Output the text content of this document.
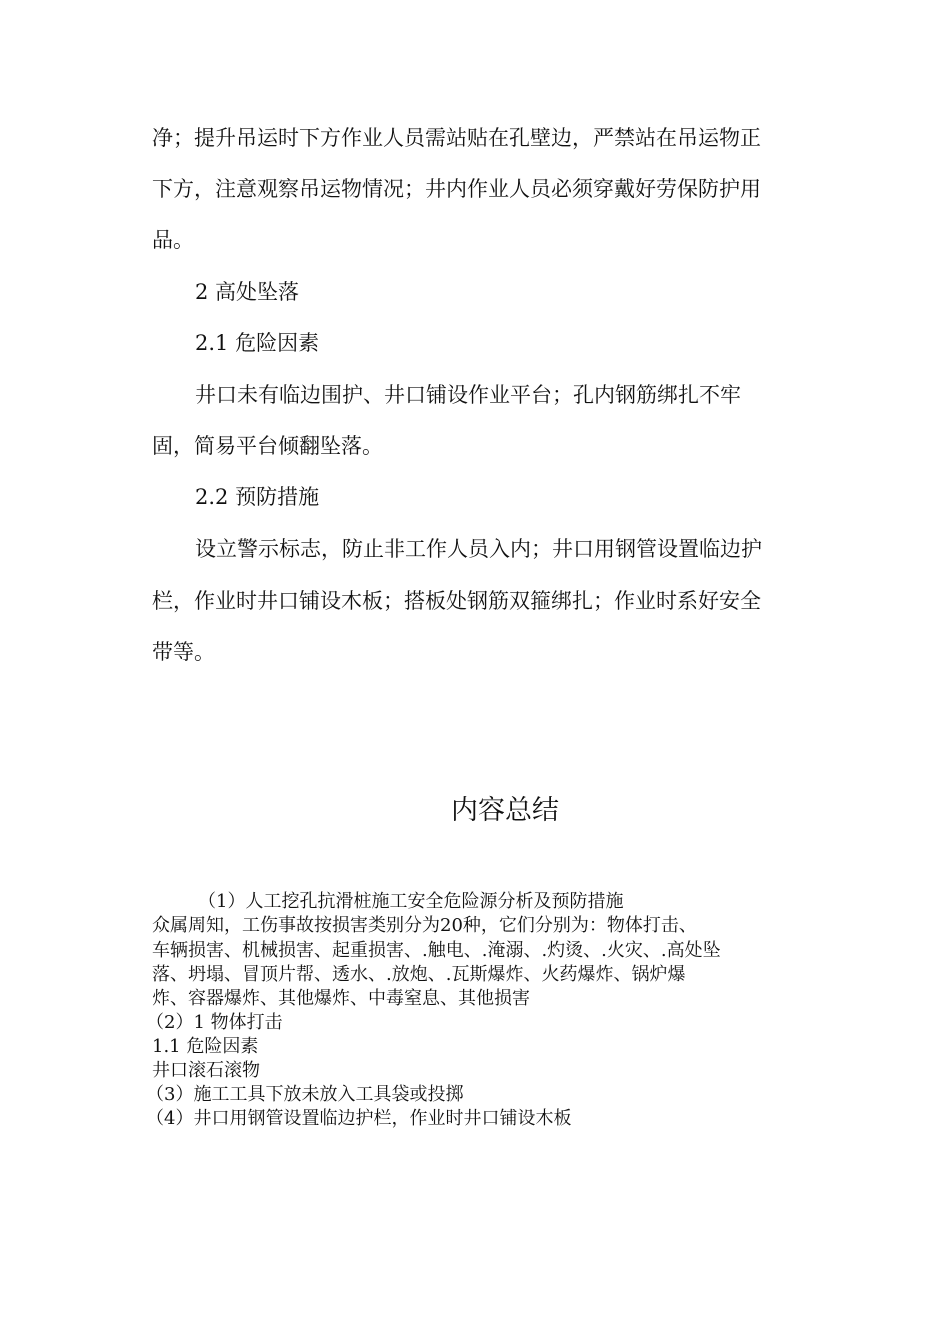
净；提升吊运时下方作业人员需站贴在孔壁边，严禁站在吊运物正
下方，注意观察吊运物情况；井内作业人员必须穿戴好劳保防护用
品。
2 高处坠落
2.1 危险因素
井口未有临边围护、井口铺设作业平台；孔内钢筋绑扎不牢
固，简易平台倾翻坠落。
2.2 预防措施
设立警示标志，防止非工作人员入内；井口用钢管设置临边护
栏，作业时井口铺设木板；搭板处钢筋双箍绑扎；作业时系好安全
带等。
内容总结
（1）人工挖孔抗滑桩施工安全危险源分析及预防措施
众属周知，工伤事故按损害类别分为20种，它们分别为：物体打击、
车辆损害、机械损害、起重损害、.触电、.淹溺、.灼烫、.火灾、.高处坠
落、坍塌、冒顶片帮、透水、.放炮、.瓦斯爆炸、火药爆炸、锅炉爆
炸、容器爆炸、其他爆炸、中毒窒息、其他损害
（2）1 物体打击
1.1 危险因素
井口滚石滚物
（3）施工工具下放未放入工具袋或投掷
（4）井口用钢管设置临边护栏，作业时井口铺设木板
